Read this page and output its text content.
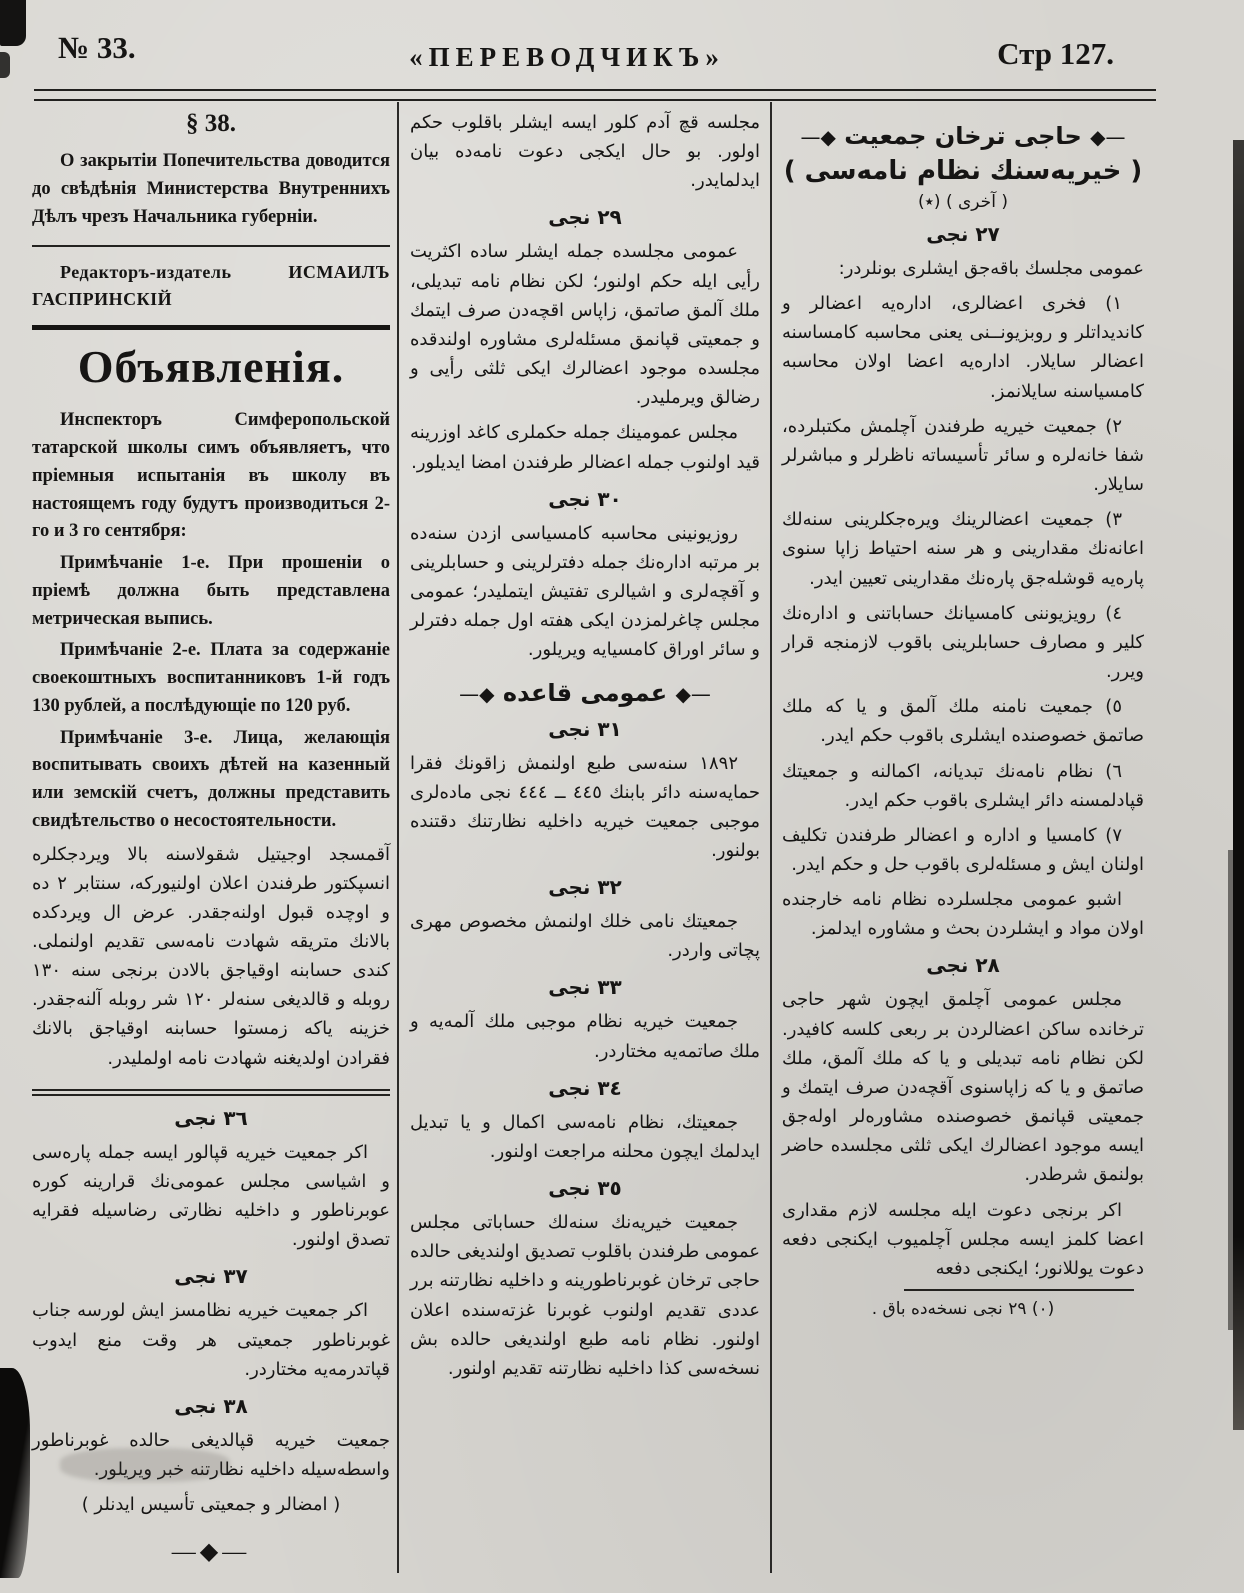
№ 33.	«ПЕРЕВОДЧИКЪ»	Стр 127.

§ 38.

О закрытіи Попечительства доводится до свѣдѣнія Министерства Внутреннихъ Дѣлъ чрезъ Начальника губерніи.

Редакторъ-издатель ИСМАИЛЪ ГАСПРИНСКІЙ

Объявленія.

Инспекторъ Симферопольской татарской школы симъ объявляетъ, что пріемныя испытанія въ школу въ настоящемъ году будутъ производиться 2-го и 3 го сентября:

Примѣчаніе 1-е. При прошеніи о пріемѣ должна быть представлена метрическая выпись.

Примѣчаніе 2-е. Плата за содержаніе своекоштныхъ воспитанниковъ 1-й годъ 130 рублей, а послѣдующіе по 120 руб.

Примѣчаніе 3-е. Лица, желающія воспитывать своихъ дѣтей на казенный или земскій счетъ, должны представить свидѣтельство о несостоятельности.

آقمسجد اوجيتيل شقولاسنه بالا ويردجكلره انسپكتور طرفندن اعلان اولنيوركه، سنتابر ٢ ده و اوچده قبول اولنه‌جقدر. عرض ال ويردكده بالانك متريقه شهادت نامه‌سى تقديم اولنملى. كندى حسابنه اوقياجق بالادن برنجى سنه ١٣٠ روبله و قالديغى سنه‌لر ١٢٠ شر روبله آلنه‌جقدر. خزينه ياكه زمستوا حسابنه اوقياجق بالانك فقرادن اولديغنه شهادت نامه اولمليدر.

٣٦ نجى

اكر جمعيت خيريه قپالور ايسه جمله پاره‌سى و اشياسى مجلس عمومى‌نك قرارينه كوره عوبرناطور و داخليه نظارتى رضاسيله فقرايه تصدق اولنور.

٣٧ نجى

اكر جمعيت خيريه نظامسز ايش لورسه جناب غوبرناطور جمعيتى هر وقت منع ايدوب قپاتدرمه‌يه مختاردر.

٣٨ نجى

جمعيت خيريه قپالديغى حالده غوبرناطور واسطه‌سيله داخليه نظارتنه خبر ويريلور.

( امضالر و جمعيتى تأسيس ايدنلر )

—◆—

مجلسه قچ آدم كلور ايسه ايشلر باقلوب حكم اولور. بو حال ايكجى دعوت نامه‌ده بيان ايدلمايدر.

٢٩ نجى

عمومى مجلسده جمله ايشلر ساده اكثريت رأيى ايله حكم اولنور؛ لكن نظام نامه تبديلى، ملك آلمق صاتمق، زاپاس اقچه‌دن صرف ايتمك و جمعيتى قپانمق مسئله‌لرى مشاوره اولندقده مجلسده موجود اعضالرك ايكى ثلثى رأيى و رضالق ويرمليدر.

مجلس عمومينك جمله حكملرى كاغد اوزرينه قيد اولنوب جمله اعضالر طرفندن امضا ايديلور.

٣٠ نجى

روزيونينى محاسبه كامسياسى ازدن سنه‌ده بر مرتبه اداره‌نك جمله دفترلرينى و حسابلرينى و آقچه‌لرى و اشيالرى تفتيش ايتمليدر؛ عمومى مجلس چاغرلمزدن ايكى هفته اول جمله دفترلر و سائر اوراق كامسيايه ويريلور.

—◆ عمومى قاعده ◆—

٣١ نجى

١٨٩٢ سنه‌سى طبع اولنمش زاقونك فقرا حمايه‌سنه دائر بابنك ٤٤٥ ــ ٤٤٤ نجى ماده‌لرى موجبى جمعيت خيريه داخليه نظارتنك دقتنده بولنور.

٣٢ نجى

جمعيتك نامى خلك اولنمش مخصوص مهرى پچاتى واردر.

٣٣ نجى

جمعيت خيريه نظام موجبى ملك آلمه‌يه و ملك صاتمه‌يه مختاردر.

٣٤ نجى

جمعيتك، نظام نامه‌سى اكمال و يا تبديل ايدلمك ايچون محلنه مراجعت اولنور.

٣٥ نجى

جمعيت خيريه‌نك سنه‌لك حساباتى مجلس عمومى طرفندن باقلوب تصديق اولنديغى حالده حاجى ترخان غوبرناطورينه و داخليه نظارتنه برر عددى تقديم اولنوب غوبرنا غزته‌سنده اعلان اولنور. نظام نامه طبع اولنديغى حالده بش نسخه‌سى كذا داخليه نظارتنه تقديم اولنور.

—◆ حاجى ترخان جمعيت ◆—

( خيريه‌سنك نظام نامه‌سى )

( آخرى ) (٭)

٢٧ نجى

عمومى مجلسك باقه‌جق ايشلرى بونلردر:

١) فخرى اعضالرى، اداره‌يه اعضالر و كانديداتلر و روبزيونــنى يعنى محاسبه كامساسنه اعضالر سايلار. اداره‌يه اعضا اولان محاسبه كامسياسنه سايلانمز.

٢) جمعيت خيريه طرفندن آچلمش مكتبلرده، شفا خانه‌لره و سائر تأسيساته ناظرلر و مباشرلر سايلار.

٣) جمعيت اعضالرينك ويره‌جكلرينى سنه‌لك اعانه‌نك مقدارينى و هر سنه احتياط زاپا سنوى پاره‌يه قوشله‌جق پاره‌نك مقدارينى تعيين ايدر.

٤) رويزيوننى كامسيانك حساباتنى و اداره‌نك كلير و مصارف حسابلرينى باقوب لازمنجه قرار ويرر.

٥) جمعيت نامنه ملك آلمق و يا كه ملك صاتمق خصوصنده ايشلرى باقوب حكم ايدر.

٦) نظام نامه‌نك تبديانه، اكمالنه و جمعيتك قپادلمسنه دائر ايشلرى باقوب حكم ايدر.

٧) كامسيا و اداره و اعضالر طرفندن تكليف اولنان ايش و مسئله‌لرى باقوب حل و حكم ايدر.

اشبو عمومى مجلسلرده نظام نامه خارجنده اولان مواد و ايشلردن بحث و مشاوره ايدلمز.

٢٨ نجى

مجلس عمومى آچلمق ايچون شهر حاجى ترخانده ساكن اعضالردن بر ربعى كلسه كافيدر. لكن نظام نامه تبديلى و يا كه ملك آلمق، ملك صاتمق و يا كه زاپاسنوى آقچه‌دن صرف ايتمك و جمعيتى قپانمق خصوصنده مشاوره‌لر اوله‌جق ايسه موجود اعضالرك ايكى ثلثى مجلسده حاضر بولنمق شرطدر.

اكر برنجى دعوت ايله مجلسه لازم مقدارى اعضا كلمز ايسه مجلس آچلميوب ايكنجى دفعه دعوت يوللانور؛ ايكنجى دفعه

(٠) ٢٩ نجى نسخه‌ده باق .
